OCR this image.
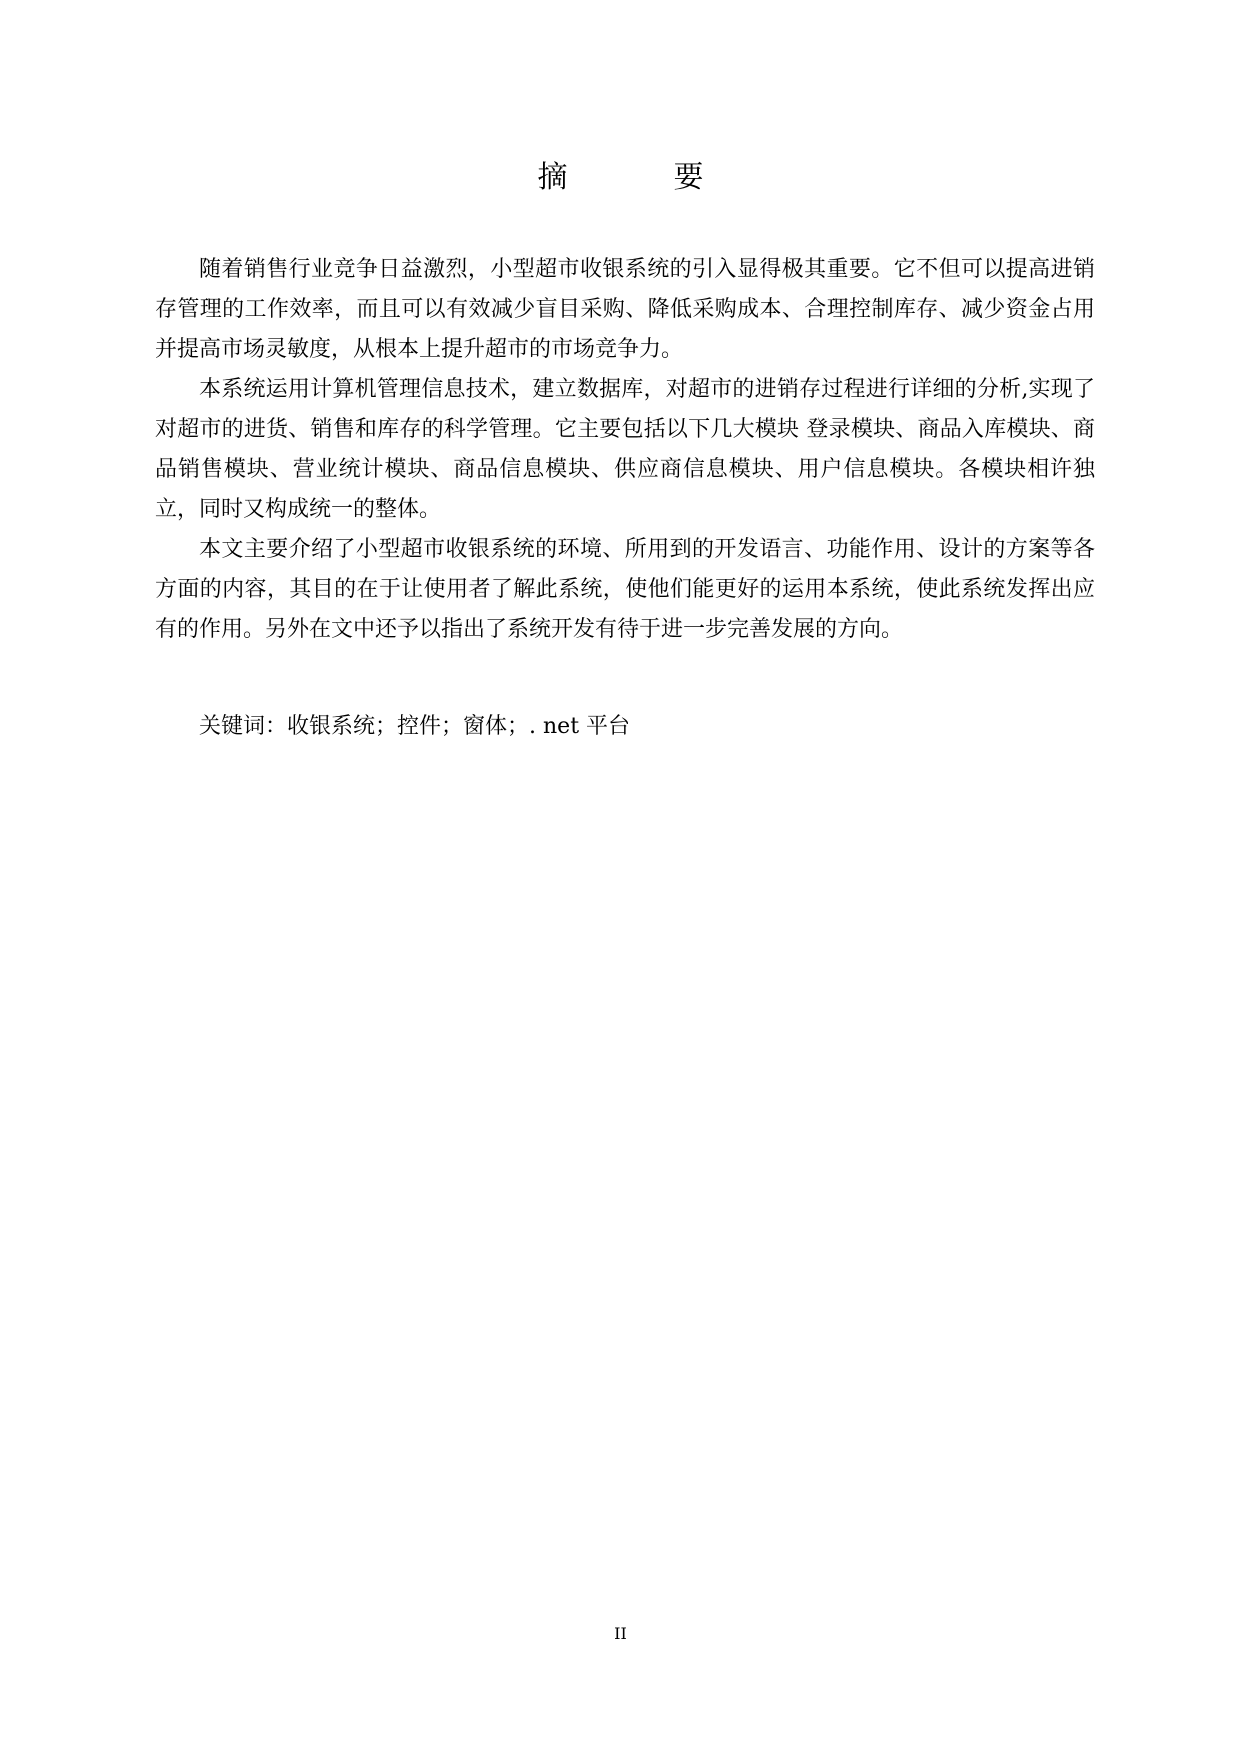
摘　要

随着销售行业竞争日益激烈，小型超市收银系统的引入显得极其重要。它不但可以提高进销存管理的工作效率，而且可以有效减少盲目采购、降低采购成本、合理控制库存、减少资金占用并提高市场灵敏度，从根本上提升超市的市场竞争力。

本系统运用计算机管理信息技术，建立数据库，对超市的进销存过程进行详细的分析,实现了对超市的进货、销售和库存的科学管理。它主要包括以下几大模块 登录模块、商品入库模块、商品销售模块、营业统计模块、商品信息模块、供应商信息模块、用户信息模块。各模块相许独立，同时又构成统一的整体。

本文主要介绍了小型超市收银系统的环境、所用到的开发语言、功能作用、设计的方案等各方面的内容，其目的在于让使用者了解此系统，使他们能更好的运用本系统，使此系统发挥出应有的作用。另外在文中还予以指出了系统开发有待于进一步完善发展的方向。

关键词：收银系统；控件；窗体；. net 平台
II
